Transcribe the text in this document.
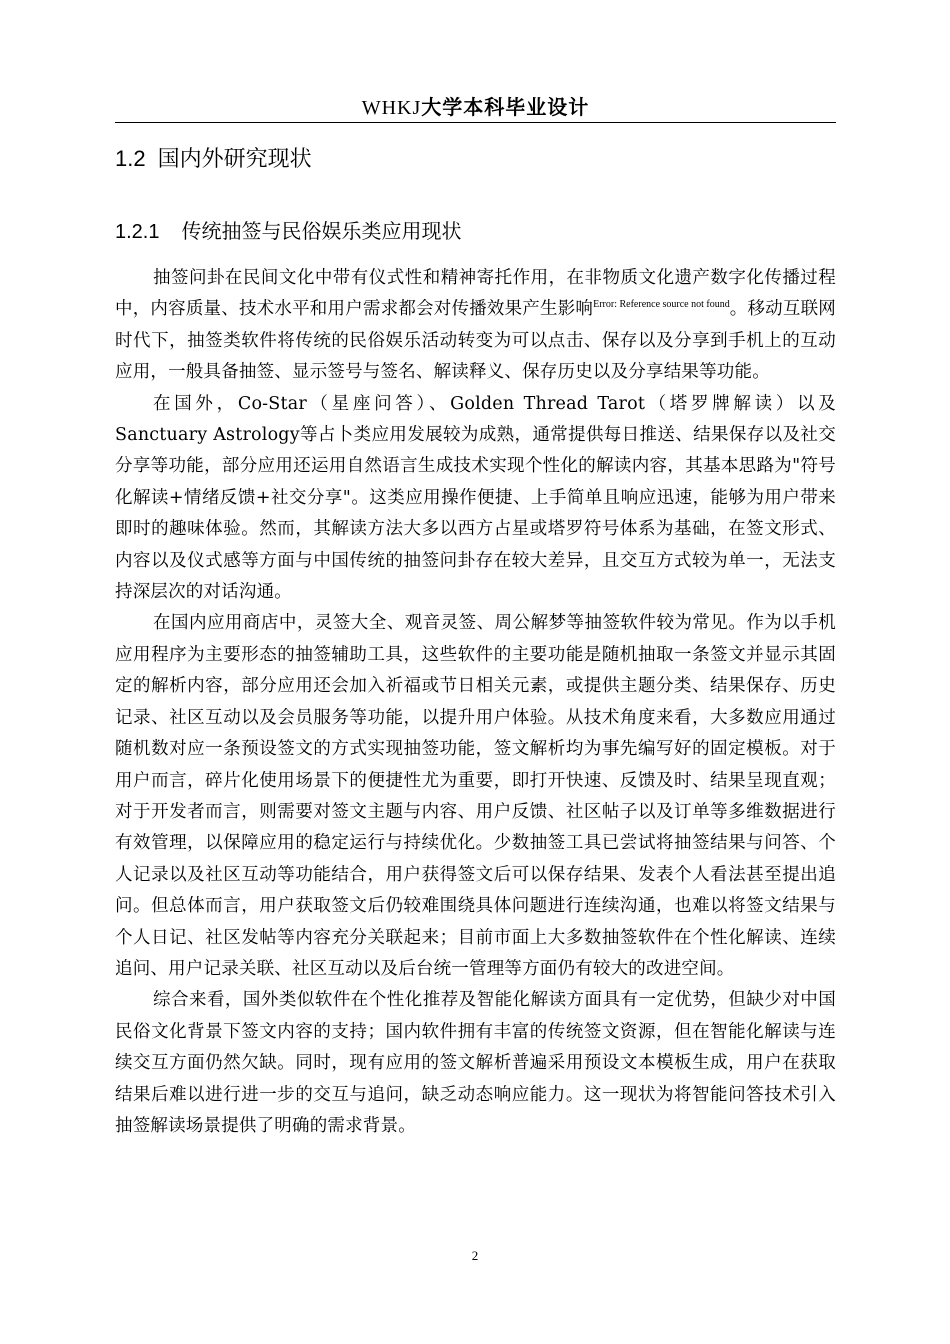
WHKJ大学本科毕业设计
1.2 国内外研究现状
1.2.1 传统抽签与民俗娱乐类应用现状

抽签问卦在民间文化中带有仪式性和精神寄托作用，在非物质文化遗产数字化传播过程中，内容质量、技术水平和用户需求都会对传播效果产生影响$^{Error: Reference source not found}$。移动互联网时代下，抽签类软件将传统的民俗娱乐活动转变为可以点击、保存以及分享到手机上的互动应用，一般具备抽签、显示签号与签名、解读释义、保存历史以及分享结果等功能。

在国外，Co-Star（星座问答）、Golden Thread Tarot（塔罗牌解读）以及Sanctuary Astrology等占卜类应用发展较为成熟，通常提供每日推送、结果保存以及社交分享等功能，部分应用还运用自然语言生成技术实现个性化的解读内容，其基本思路为"符号化解读+情绪反馈+社交分享"。这类应用操作便捷、上手简单且响应迅速，能够为用户带来即时的趣味体验。然而，其解读方法大多以西方占星或塔罗符号体系为基础，在签文形式、内容以及仪式感等方面与中国传统的抽签问卦存在较大差异，且交互方式较为单一，无法支持深层次的对话沟通。

在国内应用商店中，灵签大全、观音灵签、周公解梦等抽签软件较为常见。作为以手机应用程序为主要形态的抽签辅助工具，这些软件的主要功能是随机抽取一条签文并显示其固定的解析内容，部分应用还会加入祈福或节日相关元素，或提供主题分类、结果保存、历史记录、社区互动以及会员服务等功能，以提升用户体验。从技术角度来看，大多数应用通过随机数对应一条预设签文的方式实现抽签功能，签文解析均为事先编写好的固定模板。对于用户而言，碎片化使用场景下的便捷性尤为重要，即打开快速、反馈及时、结果呈现直观；对于开发者而言，则需要对签文主题与内容、用户反馈、社区帖子以及订单等多维数据进行有效管理，以保障应用的稳定运行与持续优化。少数抽签工具已尝试将抽签结果与问答、个人记录以及社区互动等功能结合，用户获得签文后可以保存结果、发表个人看法甚至提出追问。但总体而言，用户获取签文后仍较难围绕具体问题进行连续沟通，也难以将签文结果与个人日记、社区发帖等内容充分关联起来；目前市面上大多数抽签软件在个性化解读、连续追问、用户记录关联、社区互动以及后台统一管理等方面仍有较大的改进空间。

综合来看，国外类似软件在个性化推荐及智能化解读方面具有一定优势，但缺少对中国民俗文化背景下签文内容的支持；国内软件拥有丰富的传统签文资源，但在智能化解读与连续交互方面仍然欠缺。同时，现有应用的签文解析普遍采用预设文本模板生成，用户在获取结果后难以进行进一步的交互与追问，缺乏动态响应能力。这一现状为将智能问答技术引入抽签解读场景提供了明确的需求背景。

2
